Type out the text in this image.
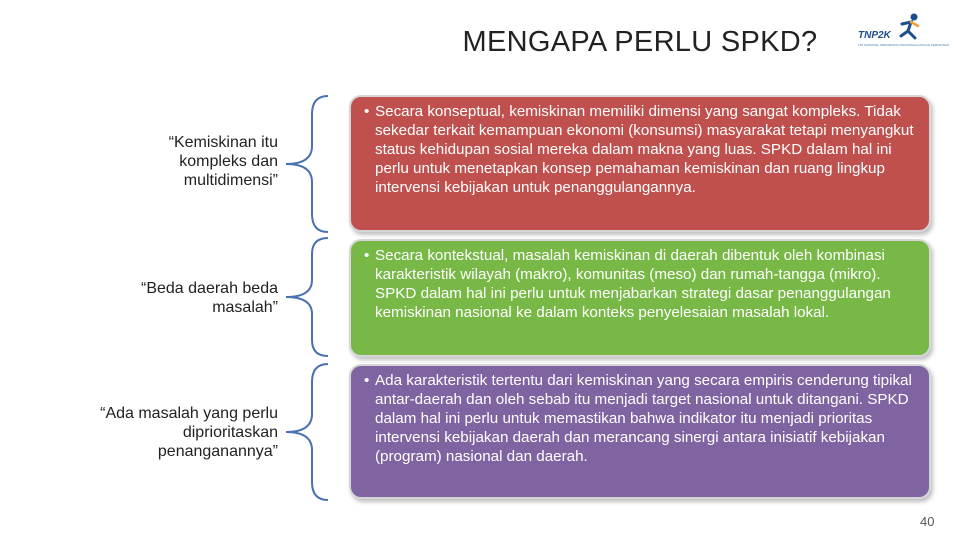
MENGAPA PERLU SPKD?	TNP2K
TIM NASIONAL PERCEPATAN PENANGGULANGAN KEMISKINAN
“Kemiskinan itu kompleks dan multidimensi”
“Beda daerah beda masalah”
“Ada masalah yang perlu diprioritaskan penanganannya”
• Secara konseptual, kemiskinan memiliki dimensi yang sangat kompleks. Tidak sekedar terkait kemampuan ekonomi (konsumsi) masyarakat tetapi menyangkut status kehidupan sosial mereka dalam makna yang luas. SPKD dalam hal ini perlu untuk menetapkan konsep pemahaman kemiskinan dan ruang lingkup intervensi kebijakan untuk penanggulangannya.
• Secara kontekstual, masalah kemiskinan di daerah dibentuk oleh kombinasi karakteristik wilayah (makro), komunitas (meso) dan rumah-tangga (mikro). SPKD dalam hal ini perlu untuk menjabarkan strategi dasar penanggulangan kemiskinan nasional ke dalam konteks penyelesaian masalah lokal.
• Ada karakteristik tertentu dari kemiskinan yang secara empiris cenderung tipikal antar-daerah dan oleh sebab itu menjadi target nasional untuk ditangani. SPKD dalam hal ini perlu untuk memastikan bahwa indikator itu menjadi prioritas intervensi kebijakan daerah dan merancang sinergi antara inisiatif kebijakan (program) nasional dan daerah.
40
